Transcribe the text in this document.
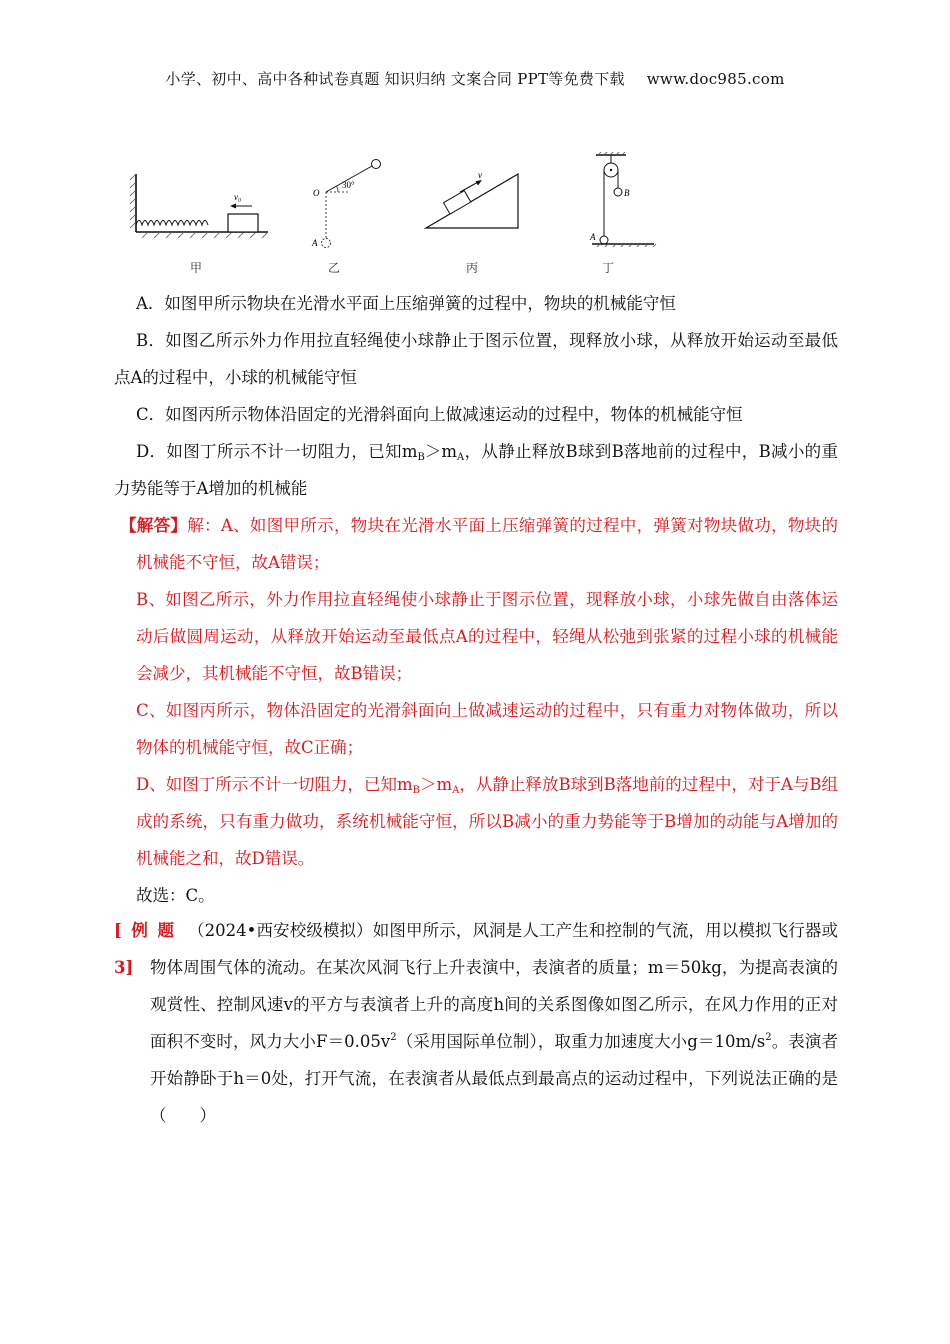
小学、初中、高中各种试卷真题 知识归纳 文案合同 PPT等免费下载 www.doc985.com
v₀
甲
O
30°
A
乙
v
丙
B
A
丁

A．如图甲所示物块在光滑水平面上压缩弹簧的过程中，物块的机械能守恒

B．如图乙所示外力作用拉直轻绳使小球静止于图示位置，现释放小球，从释放开始运动至最低点A的过程中，小球的机械能守恒

C．如图丙所示物体沿固定的光滑斜面向上做减速运动的过程中，物体的机械能守恒

D．如图丁所示不计一切阻力，已知$m_B>m_A$，从静止释放B球到B落地前的过程中，B减小的重力势能等于A增加的机械能

【解答】解：A、如图甲所示，物块在光滑水平面上压缩弹簧的过程中，弹簧对物块做功，物块的机械能不守恒，故A错误；

B、如图乙所示，外力作用拉直轻绳使小球静止于图示位置，现释放小球，小球先做自由落体运动后做圆周运动，从释放开始运动至最低点A的过程中，轻绳从松弛到张紧的过程小球的机械能会减少，其机械能不守恒，故B错误；

C、如图丙所示，物体沿固定的光滑斜面向上做减速运动的过程中，只有重力对物体做功，所以物体的机械能守恒，故C正确；

D、如图丁所示不计一切阻力，已知$m_B>m_A$，从静止释放B球到B落地前的过程中，对于A与B组成的系统，只有重力做功，系统机械能守恒，所以B减小的重力势能等于B增加的动能与A增加的机械能之和，故D错误。

故选：C。

[例题3]

（2024•西安校级模拟）如图甲所示，风洞是人工产生和控制的气流，用以模拟飞行器或物体周围气体的流动。在某次风洞飞行上升表演中，表演者的质量；m＝50kg，为提高表演的观赏性、控制风速v的平方与表演者上升的高度h间的关系图像如图乙所示，在风力作用的正对面积不变时，风力大小$F=0.05v^2$（采用国际单位制），取重力加速度大小$g=10m/s^2$。表演者开始静卧于h＝0处，打开气流，在表演者从最低点到最高点的运动过程中，下列说法正确的是（　　）
